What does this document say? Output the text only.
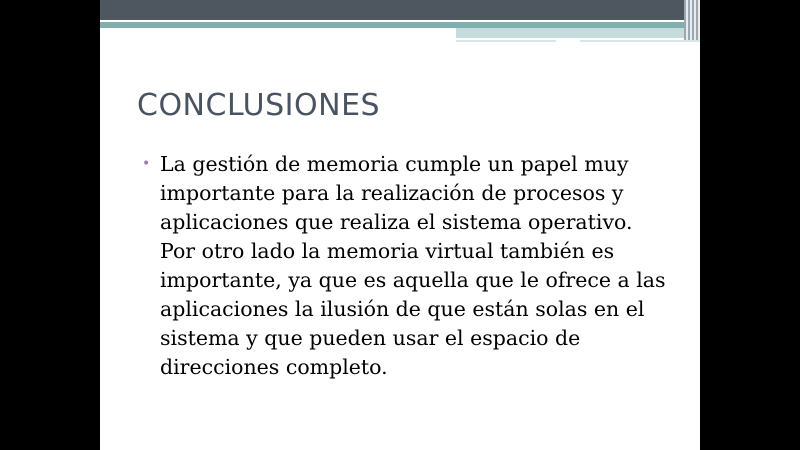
CONCLUSIONES
• La gestión de memoria cumple un papel muy importante para la realización de procesos y aplicaciones que realiza el sistema operativo. Por otro lado la memoria virtual también es importante, ya que es aquella que le ofrece a las aplicaciones la ilusión de que están solas en el sistema y que pueden usar el espacio de direcciones completo.
